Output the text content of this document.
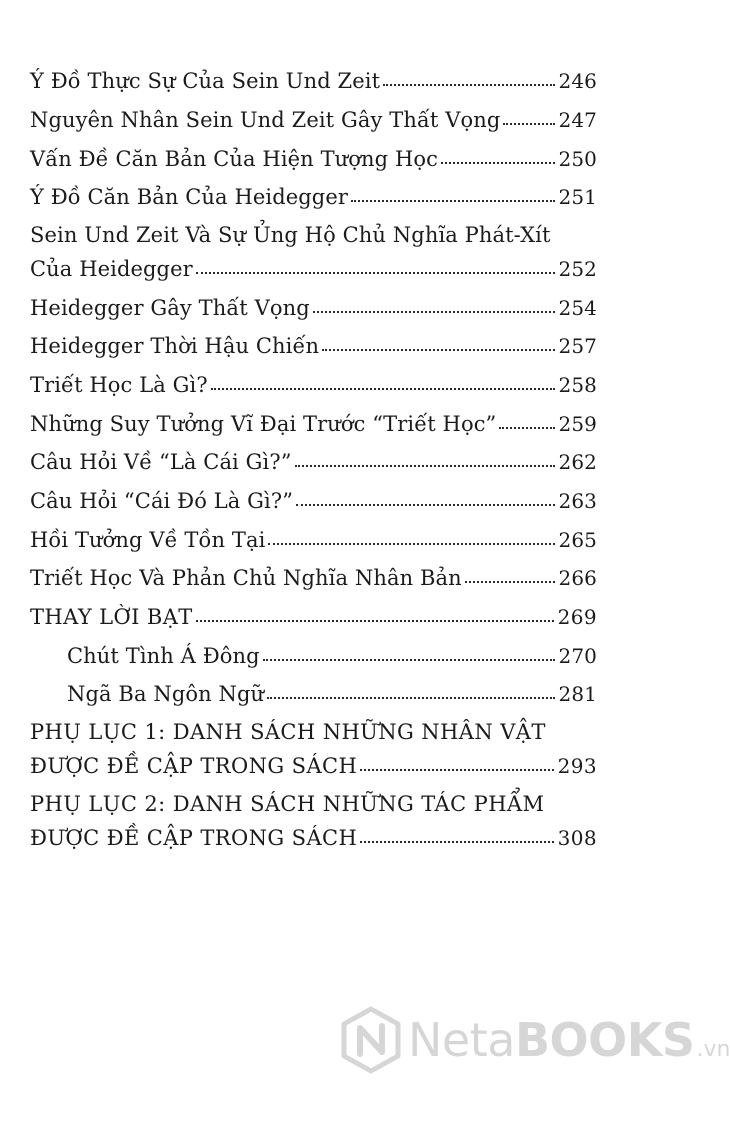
Ý Đồ Thực Sự Của Sein Und Zeit	246
Nguyên Nhân Sein Und Zeit Gây Thất Vọng	247
Vấn Đề Căn Bản Của Hiện Tượng Học	250
Ý Đồ Căn Bản Của Heidegger	251
Sein Und Zeit Và Sự Ủng Hộ Chủ Nghĩa Phát-Xít
Của Heidegger	252
Heidegger Gây Thất Vọng	254
Heidegger Thời Hậu Chiến	257
Triết Học Là Gì?	258
Những Suy Tưởng Vĩ Đại Trước “Triết Học”	259
Câu Hỏi Về “Là Cái Gì?”	262
Câu Hỏi “Cái Đó Là Gì?”	263
Hồi Tưởng Về Tồn Tại	265
Triết Học Và Phản Chủ Nghĩa Nhân Bản	266
THAY LỜI BẠT	269
Chút Tình Á Đông	270
Ngã Ba Ngôn Ngữ	281
PHỤ LỤC 1: DANH SÁCH NHỮNG NHÂN VẬT
ĐƯỢC ĐỀ CẬP TRONG SÁCH	293
PHỤ LỤC 2: DANH SÁCH NHỮNG TÁC PHẨM
ĐƯỢC ĐỀ CẬP TRONG SÁCH	308
Neta BOOKS .vn
